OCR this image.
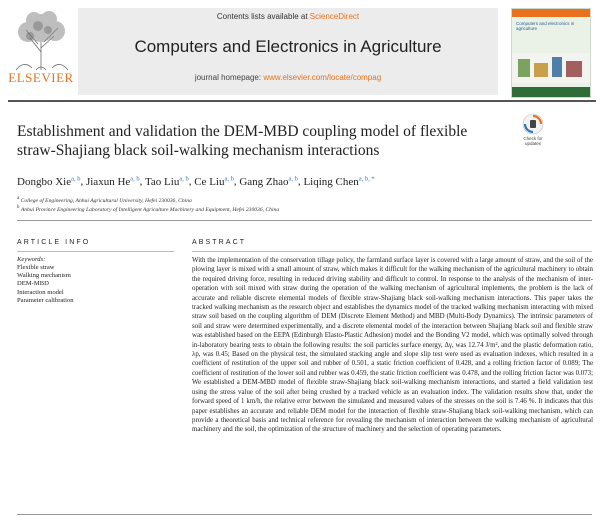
ELSEVIER
Contents lists available at ScienceDirect
Computers and Electronics in Agriculture
journal homepage: www.elsevier.com/locate/compag
Computers and electronics in agriculture
Check for updates
Establishment and validation the DEM-MBD coupling model of flexible straw-Shajiang black soil-walking mechanism interactions
Dongbo Xie$^{a, b}$, Jiaxun He$^{a, b}$, Tao Liu$^{a, b}$, Ce Liu$^{a, b}$, Gang Zhao$^{a, b}$, Liqing Chen$^{a, b, *}$
$^a$ College of Engineering, Anhui Agricultural University, Hefei 230036, China
$^b$ Anhui Province Engineering Laboratory of Intelligent Agriculture Machinery and Equipment, Hefei 230036, China
ARTICLE INFO
Keywords:
Flexible straw
Walking mechanism
DEM-MBD
Interaction model
Parameter calibration
ABSTRACT
With the implementation of the conservation tillage policy, the farmland surface layer is covered with a large amount of straw, and the soil of the plowing layer is mixed with a small amount of straw, which makes it difficult for the walking mechanism of the agricultural machinery to obtain the required driving force, resulting in reduced driving stability and difficult to control. In response to the analysis of the mechanism of inter-operation with soil mixed with straw during the operation of the walking mechanism of agricultural implements, the problem is the lack of accurate and reliable discrete elemental models of flexible straw-Shajiang black soil-walking mechanism interactions. This paper takes the tracked walking mechanism as the research object and establishes the dynamics model of the tracked walking mechanism interacting with mixed straw soil based on the coupling algorithm of DEM (Discrete Element Method) and MBD (Multi-Body Dynamics). The intrinsic parameters of soil and straw were determined experimentally, and a discrete elemental model of the interaction between Shajiang black soil and flexible straw was established based on the EEPA (Edinburgh Elasto-Plastic Adhesion) model and the Bonding V2 model, which was optimally solved through in-laboratory bearing tests to obtain the following results: the soil particles surface energy, Δγ, was 12.74 J/m², and the plastic deformation ratio, λp, was 0.45; Based on the physical test, the simulated stacking angle and slope slip test were used as evaluation indexes, which resulted in a coefficient of restitution of the upper soil and rubber of 0.501, a static friction coefficient of 0.428, and a rolling friction factor of 0.089; The coefficient of restitution of the lower soil and rubber was 0.459, the static friction coefficient was 0.478, and the rolling friction factor was 0.073; We established a DEM-MBD model of flexible straw-Shajiang black soil-walking mechanism interactions, and started a field validation test using the stress value of the soil after being crushed by a tracked vehicle as an evaluation index. The validation results show that, under the forward speed of 1 km/h, the relative error between the simulated and measured values of the stresses on the soil is 7.46 %. It indicates that this paper establishes an accurate and reliable DEM model for the interaction of flexible straw-Shajiang black soil-walking mechanism, which can provide a theoretical basis and technical reference for revealing the mechanism of interaction between the walking mechanism of agricultural machinery and the soil, the optimization of the structure of machinery and the selection of operating parameters.
